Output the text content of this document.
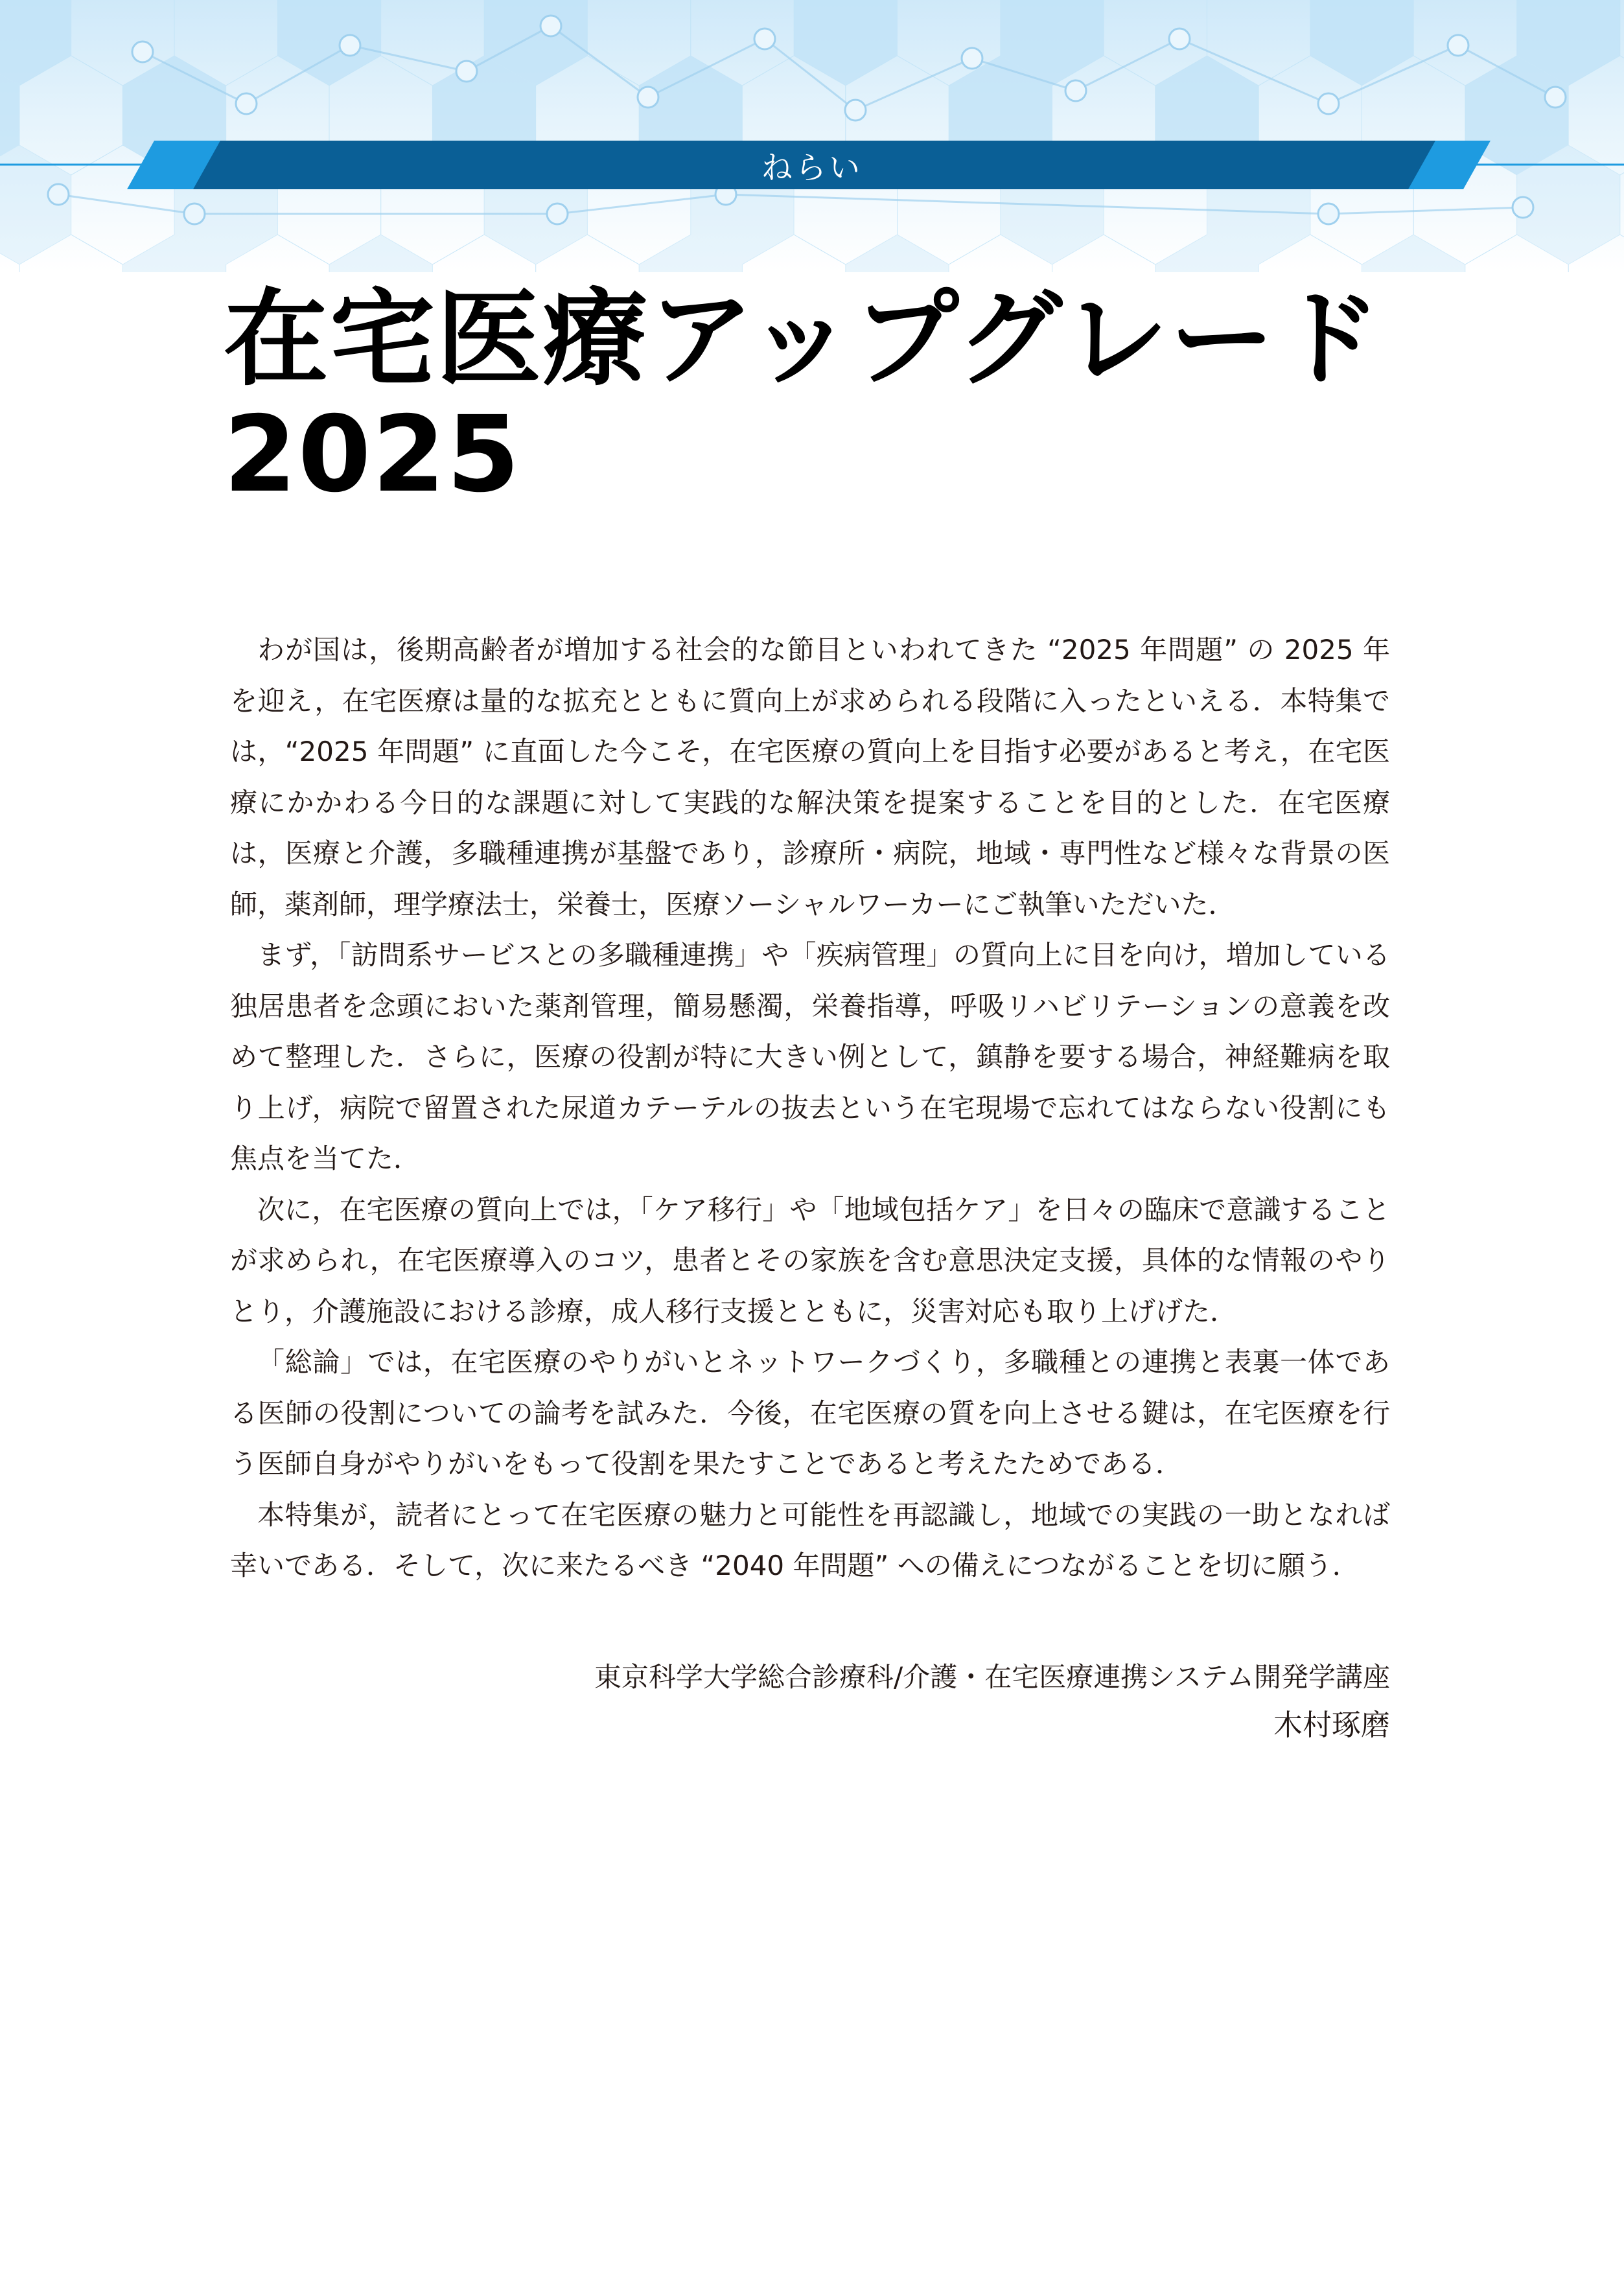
ねらい
在宅医療アップグレード
2025

わが国は，後期高齢者が増加する社会的な節目といわれてきた “2025 年問題” の 2025 年を迎え，在宅医療は量的な拡充とともに質向上が求められる段階に入ったといえる．本特集では，“2025 年問題” に直面した今こそ，在宅医療の質向上を目指す必要があると考え，在宅医療にかかわる今日的な課題に対して実践的な解決策を提案することを目的とした．在宅医療は，医療と介護，多職種連携が基盤であり，診療所・病院，地域・専門性など様々な背景の医師，薬剤師，理学療法士，栄養士，医療ソーシャルワーカーにご執筆いただいた．

まず，「訪問系サービスとの多職種連携」や「疾病管理」の質向上に目を向け，増加している独居患者を念頭においた薬剤管理，簡易懸濁，栄養指導，呼吸リハビリテーションの意義を改めて整理した．さらに，医療の役割が特に大きい例として，鎮静を要する場合，神経難病を取り上げ，病院で留置された尿道カテーテルの抜去という在宅現場で忘れてはならない役割にも焦点を当てた．

次に，在宅医療の質向上では，「ケア移行」や「地域包括ケア」を日々の臨床で意識することが求められ，在宅医療導入のコツ，患者とその家族を含む意思決定支援，具体的な情報のやりとり，介護施設における診療，成人移行支援とともに，災害対応も取り上げげた．

「総論」では，在宅医療のやりがいとネットワークづくり，多職種との連携と表裏一体である医師の役割についての論考を試みた．今後，在宅医療の質を向上させる鍵は，在宅医療を行う医師自身がやりがいをもって役割を果たすことであると考えたためである．

本特集が，読者にとって在宅医療の魅力と可能性を再認識し，地域での実践の一助となれば幸いである．そして，次に来たるべき “2040 年問題” への備えにつながることを切に願う．

東京科学大学総合診療科/介護・在宅医療連携システム開発学講座
木村琢磨
